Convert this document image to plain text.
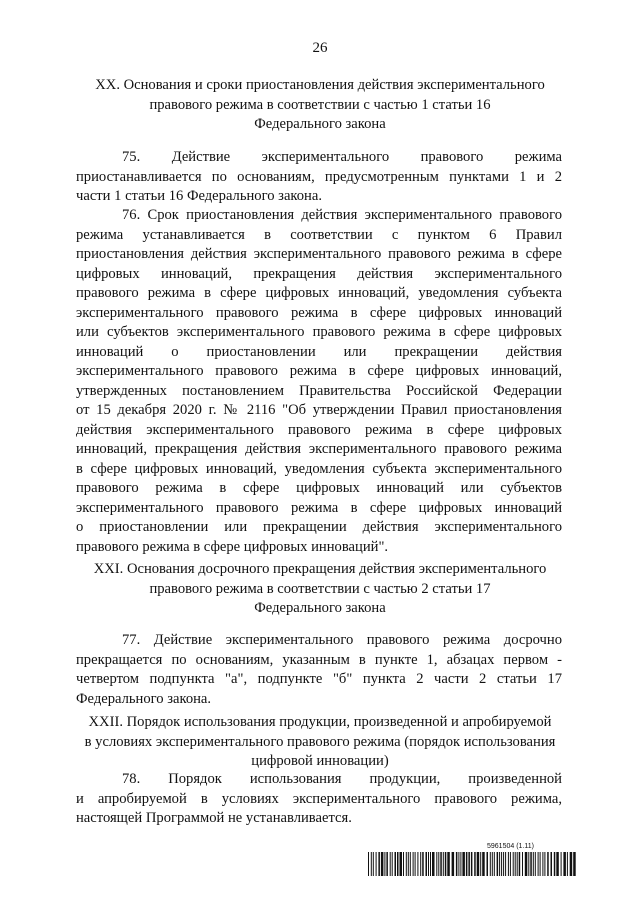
26
XX. Основания и сроки приостановления действия экспериментального
правового режима в соответствии с частью 1 статьи 16
Федерального закона
75. Действие экспериментального правового режима
приостанавливается по основаниям, предусмотренным пунктами 1 и 2
части 1 статьи 16 Федерального закона.
76. Срок приостановления действия экспериментального правового
режима устанавливается в соответствии с пунктом 6 Правил
приостановления действия экспериментального правового режима в сфере
цифровых инноваций, прекращения действия экспериментального
правового режима в сфере цифровых инноваций, уведомления субъекта
экспериментального правового режима в сфере цифровых инноваций
или субъектов экспериментального правового режима в сфере цифровых
инноваций о приостановлении или прекращении действия
экспериментального правового режима в сфере цифровых инноваций,
утвержденных постановлением Правительства Российской Федерации
от 15 декабря 2020 г. № 2116 "Об утверждении Правил приостановления
действия экспериментального правового режима в сфере цифровых
инноваций, прекращения действия экспериментального правового режима
в сфере цифровых инноваций, уведомления субъекта экспериментального
правового режима в сфере цифровых инноваций или субъектов
экспериментального правового режима в сфере цифровых инноваций
о приостановлении или прекращении действия экспериментального
правового режима в сфере цифровых инноваций".
XXI. Основания досрочного прекращения действия экспериментального
правового режима в соответствии с частью 2 статьи 17
Федерального закона
77. Действие экспериментального правового режима досрочно
прекращается по основаниям, указанным в пункте 1, абзацах первом -
четвертом подпункта "а", подпункте "б" пункта 2 части 2 статьи 17
Федерального закона.
XXII. Порядок использования продукции, произведенной и апробируемой
в условиях экспериментального правового режима (порядок использования
цифровой инновации)
78. Порядок использования продукции, произведенной
и апробируемой в условиях экспериментального правового режима,
настоящей Программой не устанавливается.
5961504 (1.11)
